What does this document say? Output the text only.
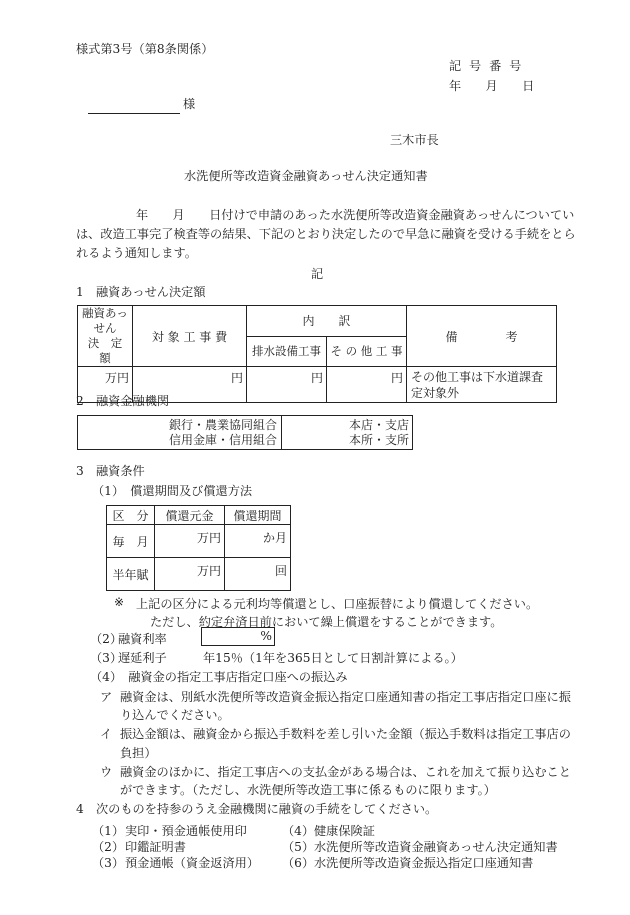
様式第3号（第8条関係）
記 号 番 号
年　　月　　日
様
三木市長
水洗便所等改造資金融資あっせん決定通知書
年　　月　　日付けで申請のあった水洗便所等改造資金融資あっせんについてい
は、改造工事完了検査等の結果、下記のとおり決定したので早急に融資を受ける手続をとら
れるよう通知します。
記
1　融資あっせん決定額
融資あっせん
決　定　額	対 象 工 事 費	内　　訳		備　　　　考
		排水設備工事	そ の 他 工 事	
万円	円	円	円	その他工事は下水道課査定対象外
2　融資金融機関
銀行・農業協同組合	本店・支店
信用金庫・信用組合	本所・支所
3　融資条件
（1）　償還期間及び償還方法
区　分	償還元金	償還期間
毎　月	万円	か月
半年賦	万円	回
※ 上記の区分による元利均等償還とし、口座振替により償還してください。
ただし、約定弁済日前において繰上償還をすることができます。
（2）
融資利率	%
（3）
遅延利子	年15％（1年を365日として日割計算による。）
（4）　融資金の指定工事店指定口座への振込み
ア 融資金は、別紙水洗便所等改造資金振込指定口座通知書の指定工事店指定口座に振
り込んでください。
イ 振込金額は、融資金から振込手数料を差し引いた金額（振込手数料は指定工事店の
負担）
ウ 融資金のほかに、指定工事店への支払金がある場合は、これを加えて振り込むこと
ができます。（ただし、水洗便所等改造工事に係るものに限ります。）
4　次のものを持参のうえ金融機関に融資の手続をしてください。
（1） 実印・預金通帳使用印
（2） 印鑑証明書
（3） 預金通帳（資金返済用）
（4） 健康保険証
（5） 水洗便所等改造資金融資あっせん決定通知書
（6） 水洗便所等改造資金振込指定口座通知書
